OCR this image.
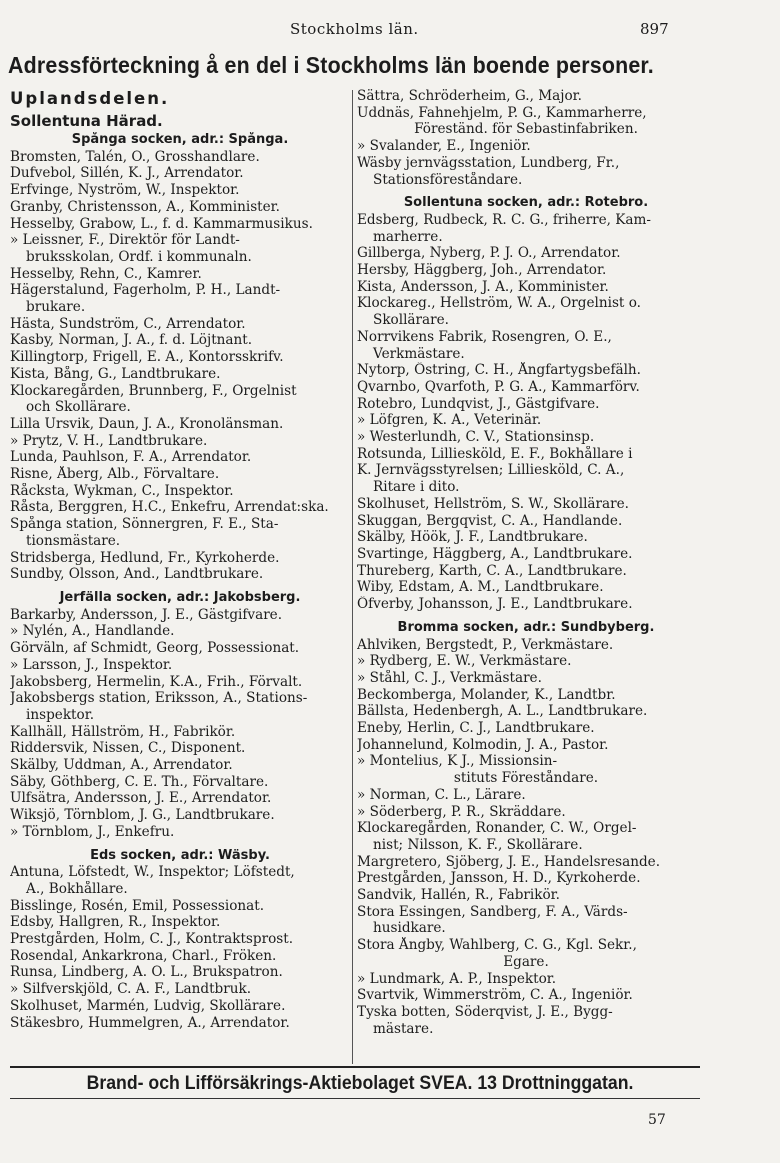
Stockholms län.	897
Adressförteckning å en del i Stockholms län boende personer.
Uplandsdelen.
Sollentuna Härad.
Spånga socken, adr.: Spånga.
Bromsten, Talén, O., Grosshandlare.
Dufvebol, Sillén, K. J., Arrendator.
Erfvinge, Nyström, W., Inspektor.
Granby, Christensson, A., Komminister.
Hesselby, Grabow, L., f. d. Kammarmusikus.
» Leissner, F., Direktör för Landt-
bruksskolan, Ordf. i kommunaln.
Hesselby, Rehn, C., Kamrer.
Hägerstalund, Fagerholm, P. H., Landt-
brukare.
Hästa, Sundström, C., Arrendator.
Kasby, Norman, J. A., f. d. Löjtnant.
Killingtorp, Frigell, E. A., Kontorsskrifv.
Kista, Bång, G., Landtbrukare.
Klockaregården, Brunnberg, F., Orgelnist
och Skollärare.
Lilla Ursvik, Daun, J. A., Kronolänsman.
» Prytz, V. H., Landtbrukare.
Lunda, Pauhlson, F. A., Arrendator.
Risne, Åberg, Alb., Förvaltare.
Råcksta, Wykman, C., Inspektor.
Råsta, Berggren, H.C., Enkefru, Arrendat:ska.
Spånga station, Sönnergren, F. E., Sta-
tionsmästare.
Stridsberga, Hedlund, Fr., Kyrkoherde.
Sundby, Olsson, And., Landtbrukare.
Jerfälla socken, adr.: Jakobsberg.
Barkarby, Andersson, J. E., Gästgifvare.
» Nylén, A., Handlande.
Görväln, af Schmidt, Georg, Possessionat.
» Larsson, J., Inspektor.
Jakobsberg, Hermelin, K.A., Frih., Förvalt.
Jakobsbergs station, Eriksson, A., Stations-
inspektor.
Kallhäll, Hällström, H., Fabrikör.
Riddersvik, Nissen, C., Disponent.
Skälby, Uddman, A., Arrendator.
Säby, Göthberg, C. E. Th., Förvaltare.
Ulfsätra, Andersson, J. E., Arrendator.
Wiksjö, Törnblom, J. G., Landtbrukare.
» Törnblom, J., Enkefru.
Eds socken, adr.: Wäsby.
Antuna, Löfstedt, W., Inspektor; Löfstedt,
A., Bokhållare.
Bisslinge, Rosén, Emil, Possessionat.
Edsby, Hallgren, R., Inspektor.
Prestgården, Holm, C. J., Kontraktsprost.
Rosendal, Ankarkrona, Charl., Fröken.
Runsa, Lindberg, A. O. L., Brukspatron.
» Silfverskjöld, C. A. F., Landtbruk.
Skolhuset, Marmén, Ludvig, Skollärare.
Stäkesbro, Hummelgren, A., Arrendator.
Sättra, Schröderheim, G., Major.
Uddnäs, Fahnehjelm, P. G., Kammarherre,
Föreständ. för Sebastinfabriken.
» Svalander, E., Ingeniör.
Wäsby jernvägsstation, Lundberg, Fr.,
Stationsföreståndare.
Sollentuna socken, adr.: Rotebro.
Edsberg, Rudbeck, R. C. G., friherre, Kam-
marherre.
Gillberga, Nyberg, P. J. O., Arrendator.
Hersby, Häggberg, Joh., Arrendator.
Kista, Andersson, J. A., Komminister.
Klockareg., Hellström, W. A., Orgelnist o.
Skollärare.
Norrvikens Fabrik, Rosengren, O. E.,
Verkmästare.
Nytorp, Östring, C. H., Ångfartygsbefälh.
Qvarnbo, Qvarfoth, P. G. A., Kammarförv.
Rotebro, Lundqvist, J., Gästgifvare.
» Löfgren, K. A., Veterinär.
» Westerlundh, C. V., Stationsinsp.
Rotsunda, Lilliesköld, E. F., Bokhållare i
K. Jernvägsstyrelsen; Lilliesköld, C. A.,
Ritare i dito.
Skolhuset, Hellström, S. W., Skollärare.
Skuggan, Bergqvist, C. A., Handlande.
Skälby, Höök, J. F., Landtbrukare.
Svartinge, Häggberg, A., Landtbrukare.
Thureberg, Karth, C. A., Landtbrukare.
Wiby, Edstam, A. M., Landtbrukare.
Öfverby, Johansson, J. E., Landtbrukare.
Bromma socken, adr.: Sundbyberg.
Ahlviken, Bergstedt, P., Verkmästare.
» Rydberg, E. W., Verkmästare.
» Ståhl, C. J., Verkmästare.
Beckomberga, Molander, K., Landtbr.
Bällsta, Hedenbergh, A. L., Landtbrukare.
Eneby, Herlin, C. J., Landtbrukare.
Johannelund, Kolmodin, J. A., Pastor.
» Montelius, K J., Missionsin-
stituts Föreståndare.
» Norman, C. L., Lärare.
» Söderberg, P. R., Skräddare.
Klockaregården, Ronander, C. W., Orgel-
nist; Nilsson, K. F., Skollärare.
Margretero, Sjöberg, J. E., Handelsresande.
Prestgården, Jansson, H. D., Kyrkoherde.
Sandvik, Hallén, R., Fabrikör.
Stora Essingen, Sandberg, F. A., Värds-
husidkare.
Stora Ångby, Wahlberg, C. G., Kgl. Sekr.,
Egare.
» Lundmark, A. P., Inspektor.
Svartvik, Wimmerström, C. A., Ingeniör.
Tyska botten, Söderqvist, J. E., Bygg-
mästare.
Brand- och Lifförsäkrings-Aktiebolaget SVEA. 13 Drottninggatan.
57
